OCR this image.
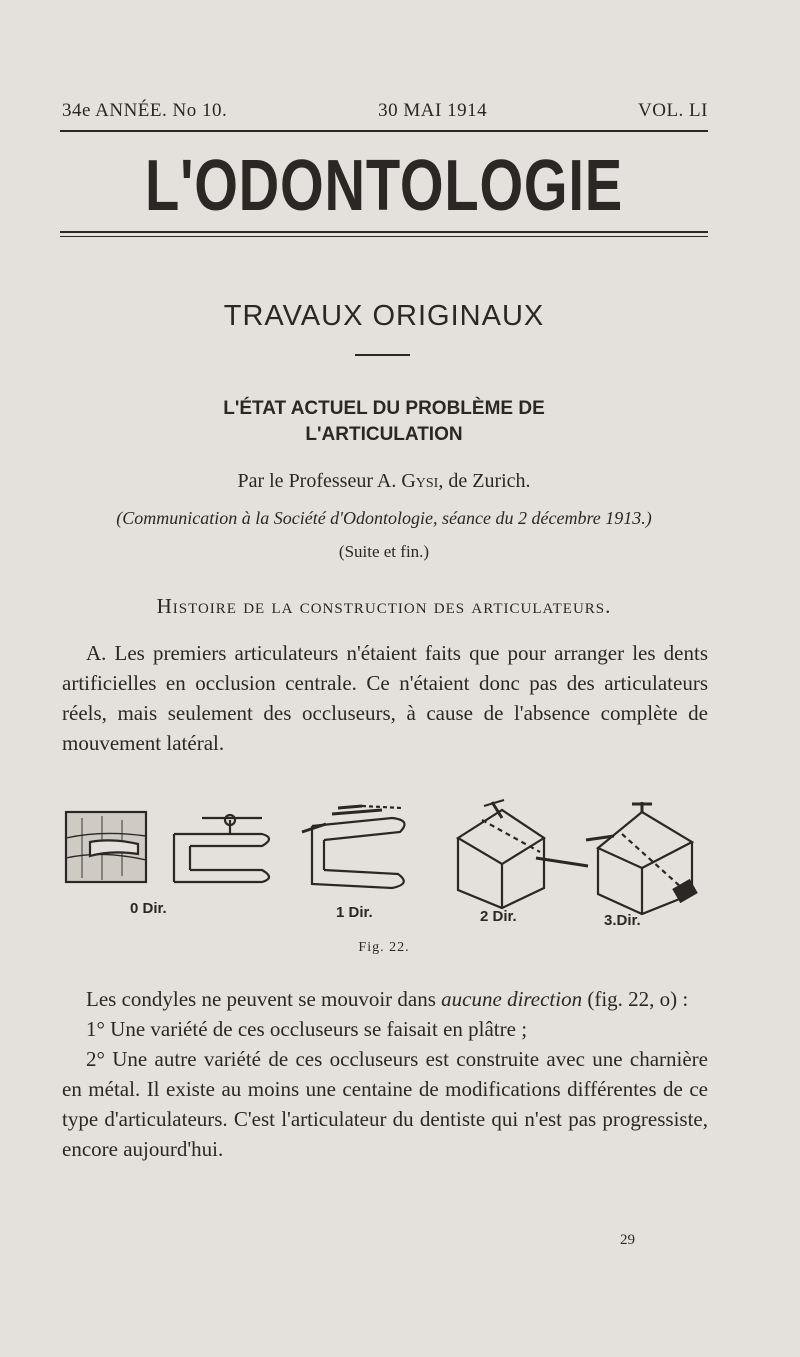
34e ANNÉE. No 10.	30 MAI 1914	VOL. LI
L'ODONTOLOGIE
TRAVAUX ORIGINAUX
L'ÉTAT ACTUEL DU PROBLÈME DE
L'ARTICULATION
Par le Professeur A. Gysi, de Zurich.
(Communication à la Société d'Odontologie, séance du 2 décembre 1913.)
(Suite et fin.)
Histoire de la construction des articulateurs.

A. Les premiers articulateurs n'étaient faits que pour arranger les dents artificielles en occlusion centrale. Ce n'étaient donc pas des articulateurs réels, mais seulement des occluseurs, à cause de l'absence complète de mouvement latéral.

0 Dir.	1 Dir.	2 Dir.	3.Dir.
Fig. 22.

Les condyles ne peuvent se mouvoir dans aucune direction (fig. 22, o) :

1° Une variété de ces occluseurs se faisait en plâtre ;

2° Une autre variété de ces occluseurs est construite avec une charnière en métal. Il existe au moins une centaine de modifications différentes de ce type d'articulateurs. C'est l'articulateur du dentiste qui n'est pas progressiste, encore aujourd'hui.

29
